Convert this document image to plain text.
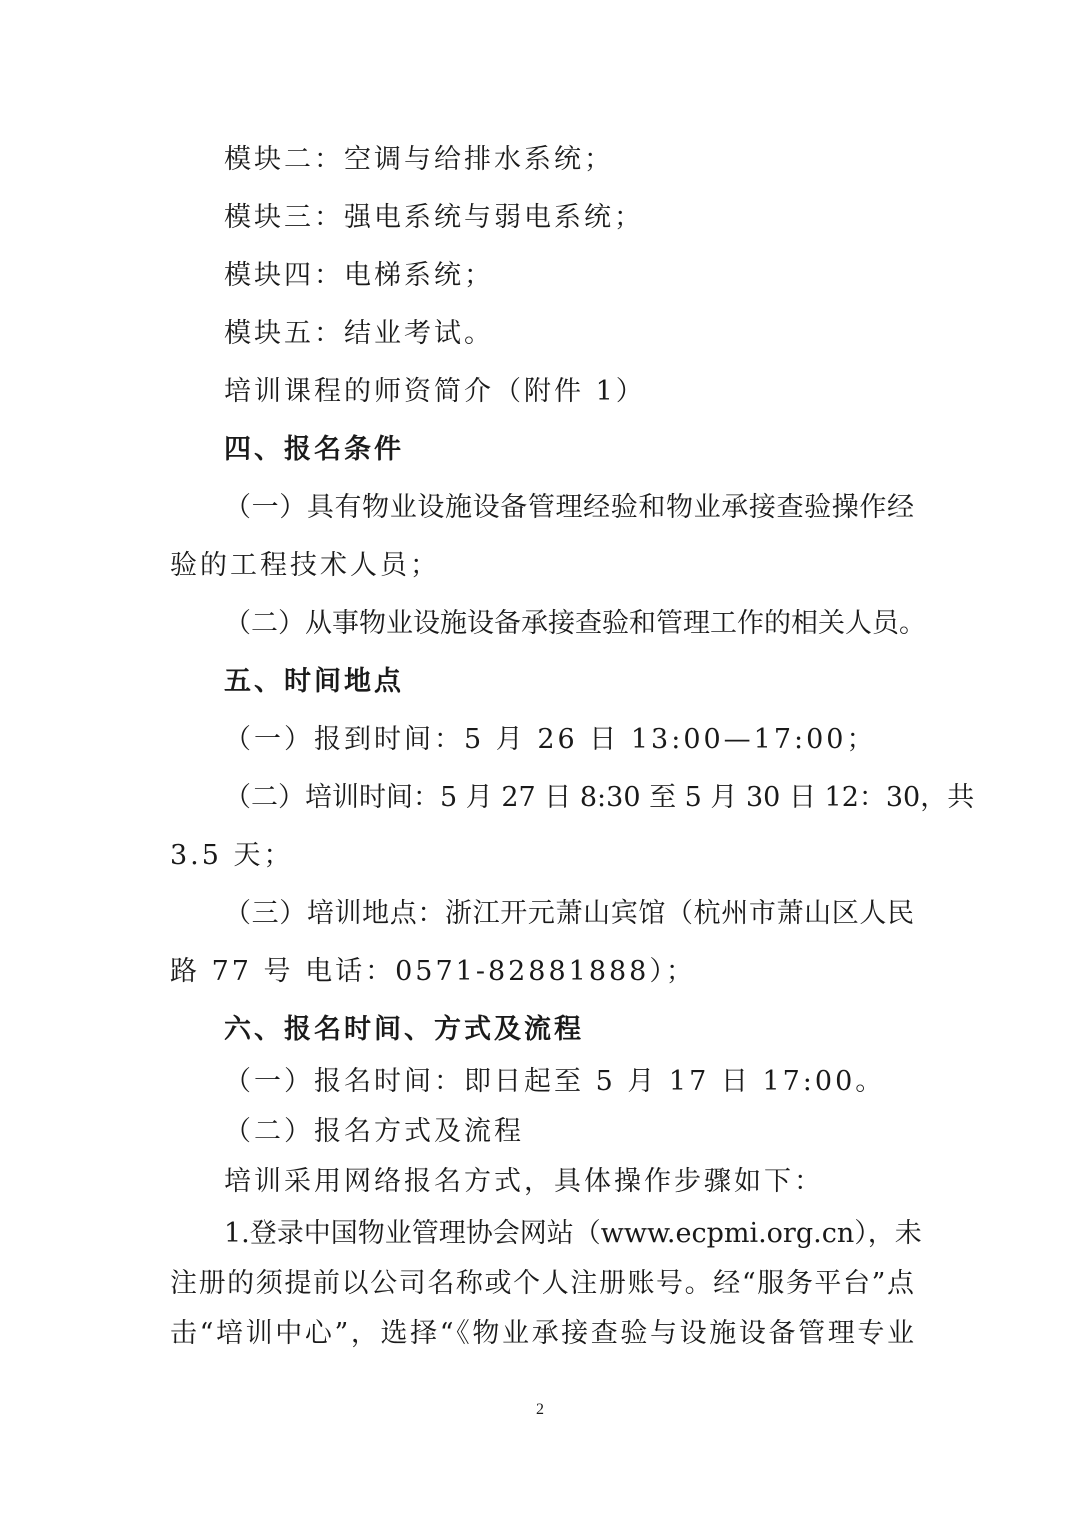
模块二：空调与给排水系统；
模块三：强电系统与弱电系统；
模块四：电梯系统；
模块五：结业考试。
培训课程的师资简介（附件 1）
四、报名条件
（一）具有物业设施设备管理经验和物业承接查验操作经
验的工程技术人员；
（二）从事物业设施设备承接查验和管理工作的相关人员。
五、时间地点
（一）报到时间：5 月 26 日 13:00—17:00；
（二）培训时间：5 月 27 日 8:30 至 5 月 30 日 12：30，共
3.5 天；
（三）培训地点：浙江开元萧山宾馆（杭州市萧山区人民
路 77 号 电话：0571-82881888）；
六、报名时间、方式及流程
（一）报名时间：即日起至 5 月 17 日 17:00。
（二）报名方式及流程
培训采用网络报名方式，具体操作步骤如下：
1.登录中国物业管理协会网站（www.ecpmi.org.cn），未
注册的须提前以公司名称或个人注册账号。经“服务平台”点
击“培训中心”，选择“《物业承接查验与设施设备管理专业
2
